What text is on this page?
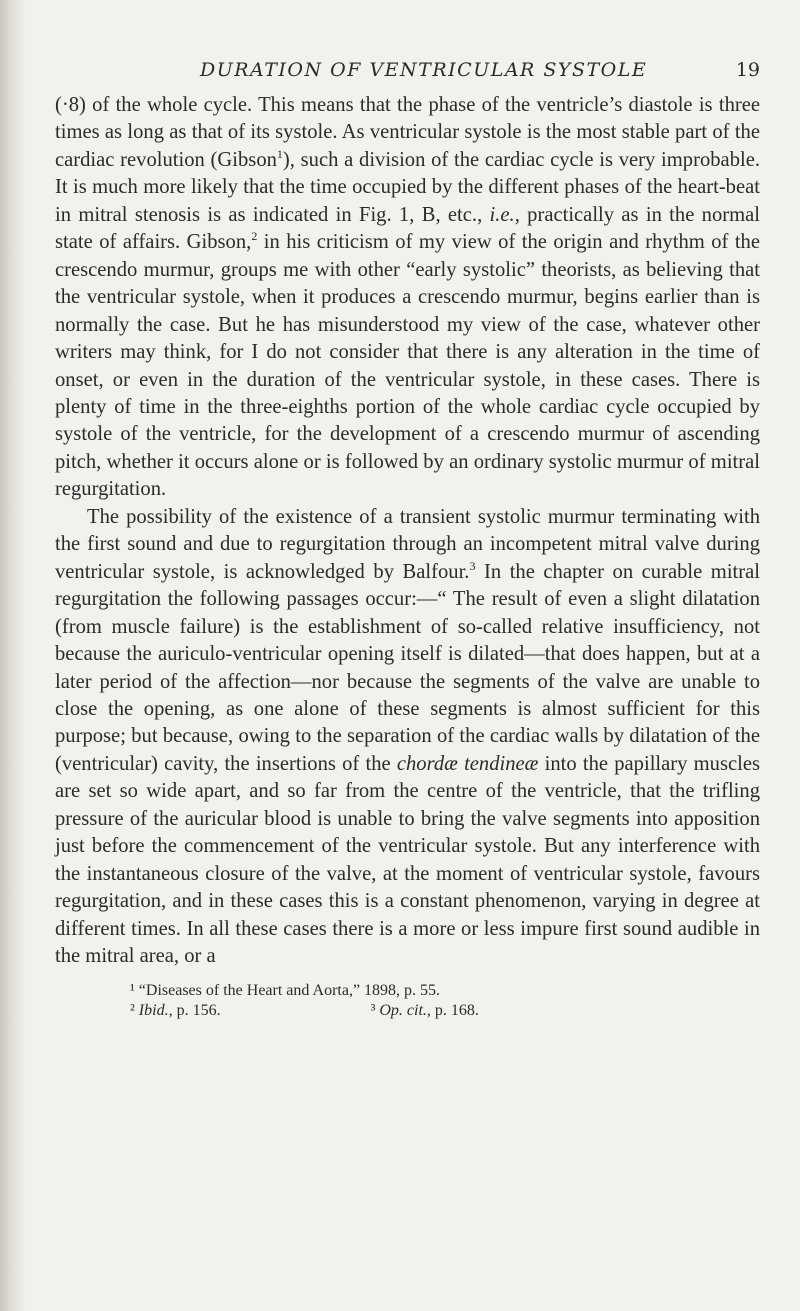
DURATION OF VENTRICULAR SYSTOLE	19

(·8) of the whole cycle. This means that the phase of the ventricle’s diastole is three times as long as that of its systole. As ventricular systole is the most stable part of the cardiac revolution (Gibson$^1$), such a division of the cardiac cycle is very improbable. It is much more likely that the time occupied by the different phases of the heart-beat in mitral stenosis is as indicated in Fig. 1, B, etc., i.e., practically as in the normal state of affairs. Gibson,$^2$ in his criticism of my view of the origin and rhythm of the crescendo murmur, groups me with other “early systolic” theorists, as believing that the ventricular systole, when it produces a crescendo murmur, begins earlier than is normally the case. But he has misunderstood my view of the case, whatever other writers may think, for I do not consider that there is any alteration in the time of onset, or even in the duration of the ventricular systole, in these cases. There is plenty of time in the three-eighths portion of the whole cardiac cycle occupied by systole of the ventricle, for the development of a crescendo murmur of ascending pitch, whether it occurs alone or is followed by an ordinary systolic murmur of mitral regurgitation.

The possibility of the existence of a transient systolic murmur terminating with the first sound and due to regurgitation through an incompetent mitral valve during ventricular systole, is acknowledged by Balfour.$^3$ In the chapter on curable mitral regurgitation the following passages occur:—“ The result of even a slight dilatation (from muscle failure) is the establishment of so-called relative insufficiency, not because the auriculo-ventricular opening itself is dilated—that does happen, but at a later period of the affection—nor because the segments of the valve are unable to close the opening, as one alone of these segments is almost sufficient for this purpose; but because, owing to the separation of the cardiac walls by dilatation of the (ventricular) cavity, the insertions of the chordæ tendineæ into the papillary muscles are set so wide apart, and so far from the centre of the ventricle, that the trifling pressure of the auricular blood is unable to bring the valve segments into apposition just before the commencement of the ventricular systole. But any interference with the instantaneous closure of the valve, at the moment of ventricular systole, favours regurgitation, and in these cases this is a constant phenomenon, varying in degree at different times. In all these cases there is a more or less impure first sound audible in the mitral area, or a

¹ “Diseases of the Heart and Aorta,” 1898, p. 55.
² Ibid., p. 156.	³ Op. cit., p. 168.
